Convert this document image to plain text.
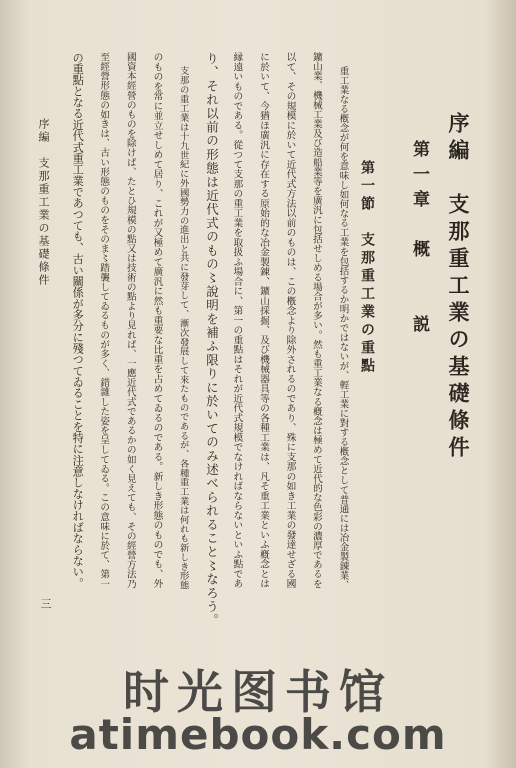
序編　支那重工業の基礎條件
第一章　概　　説
第一節　支那重工業の重點
重工業なる槪念が何を意味し如何なる工業を包括するか明かではないが、輕工業に對する槪念として普通には冶金製錬業、
鑛山業、機械工業及び造船業等を廣汎に包括せしめる場合が多い。然も重工業なる槪念は極めて近代的な色彩の濃厚であるを
以て、その規模に於いて近代式方法以前のものは、この槪念より除外されるのであり、殊に支那の如き工業の發達せざる國
に於いて、今猶ほ廣汎に存在する原始的な冶金製錬、鑛山採掘、及び機械器具等の各種工業は、凡そ重工業といふ槪念とは
縁遠いものである。從つて支那の重工業を取扱ふ場合に、第一の重點はそれが近代式規模でなければならないといふ點であ
り、それ以前の形態は近代式のもの〻說明を補ふ限りに於いてのみ述べられること〻なろう。
支那の重工業は十九世紀に外國勢力の進出と共に發芽して、漸次發展して來たものであるが、各種重工業は何れも新しき形態
のものを常に並立せしめて居り、これが又極めて廣汎に然も重要な比重を占めてゐるのである。新しき形態のものでも、外
國資本經營のものを除けば、たとひ規模の點又は技術の點より見れば、一應近代式であるかの如く見えても、その經營方法乃
至經營形態の如きは、古い形態のものをそのま〻踏襲してゐるものが多く、錯雜した姿を呈してゐる。この意味に於て、第一
の重點となる近代式重工業であつても、古い關係が多分に殘つてゐることを特に注意しなければならない。
序編　支那重工業の基礎條件
三
时光图书馆
atimebook.com
